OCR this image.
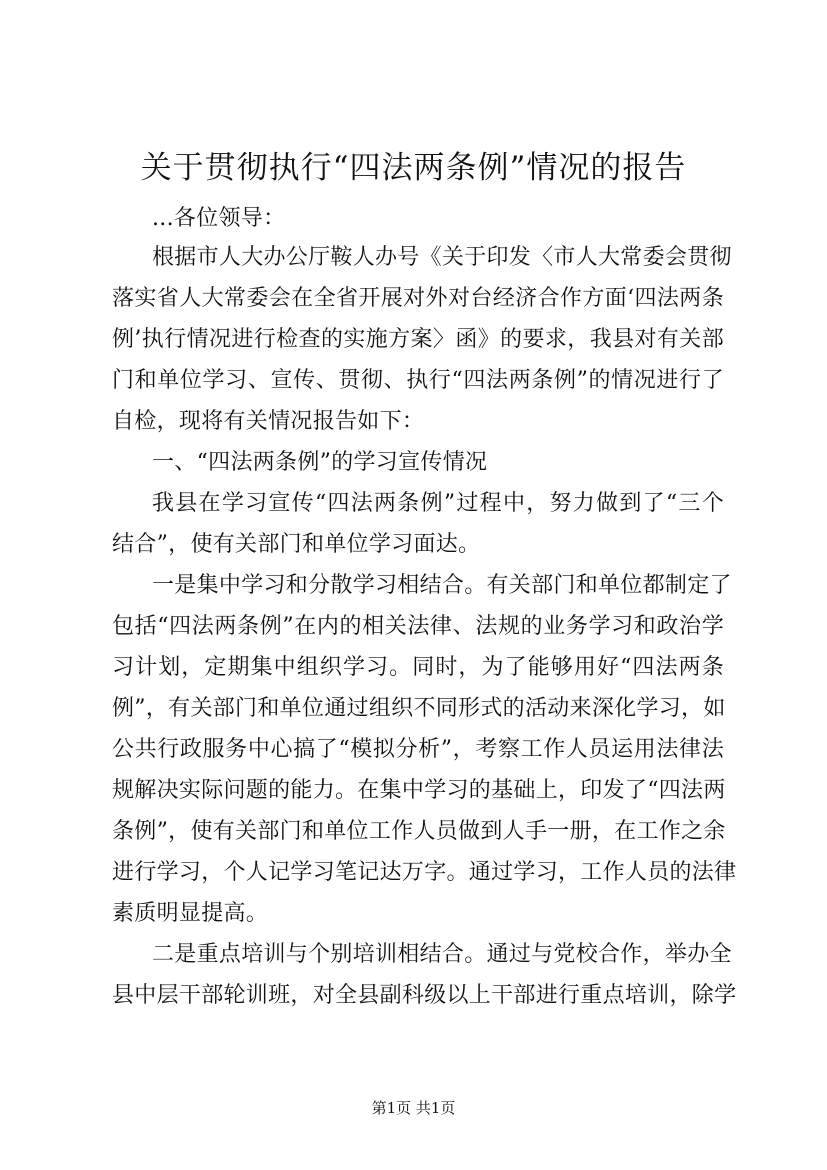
关于贯彻执行“四法两条例”情况的报告
...各位领导：
根据市人大办公厅鞍人办号《关于印发〈市人大常委会贯彻
落实省人大常委会在全省开展对外对台经济合作方面‘四法两条
例’执行情况进行检查的实施方案〉函》的要求，我县对有关部
门和单位学习、宣传、贯彻、执行“四法两条例”的情况进行了
自检，现将有关情况报告如下：
一、“四法两条例”的学习宣传情况
我县在学习宣传“四法两条例”过程中，努力做到了“三个
结合”，使有关部门和单位学习面达。
一是集中学习和分散学习相结合。有关部门和单位都制定了
包括“四法两条例”在内的相关法律、法规的业务学习和政治学
习计划，定期集中组织学习。同时，为了能够用好“四法两条
例”，有关部门和单位通过组织不同形式的活动来深化学习，如
公共行政服务中心搞了“模拟分析”，考察工作人员运用法律法
规解决实际问题的能力。在集中学习的基础上，印发了“四法两
条例”，使有关部门和单位工作人员做到人手一册，在工作之余
进行学习，个人记学习笔记达万字。通过学习，工作人员的法律
素质明显提高。
二是重点培训与个别培训相结合。通过与党校合作，举办全
县中层干部轮训班，对全县副科级以上干部进行重点培训，除学
第1页 共1页
